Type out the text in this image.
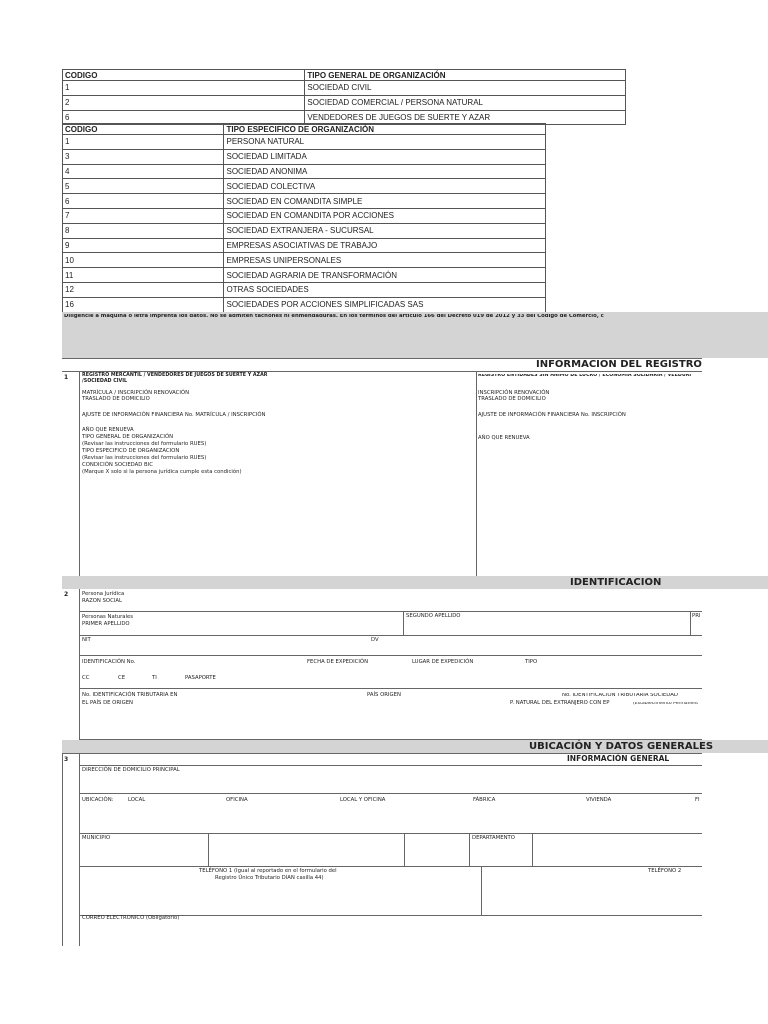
CODIGO	TIPO GENERAL DE ORGANIZACIÓN
1	SOCIEDAD CIVIL
2	SOCIEDAD COMERCIAL / PERSONA NATURAL
6	VENDEDORES DE JUEGOS DE SUERTE Y AZAR
CODIGO	TIPO ESPECIFICO DE ORGANIZACIÓN
1	PERSONA NATURAL
3	SOCIEDAD LIMITADA
4	SOCIEDAD ANONIMA
5	SOCIEDAD COLECTIVA
6	SOCIEDAD EN COMANDITA SIMPLE
7	SOCIEDAD EN COMANDITA POR ACCIONES
8	SOCIEDAD EXTRANJERA - SUCURSAL
9	EMPRESAS ASOCIATIVAS DE TRABAJO
10	EMPRESAS UNIPERSONALES
11	SOCIEDAD AGRARIA DE TRANSFORMACIÓN
12	OTRAS SOCIEDADES
16	SOCIEDADES POR ACCIONES SIMPLIFICADAS SAS
Diligencie a máquina o letra imprenta los datos. No se admiten tachones ni enmendaduras. En los terminos del articulo 166 del Decreto 019 de 2012 y 33 del Codigo de Comercio, c
INFORMACION DEL REGISTRO
1	REGISTRO MERCANTIL / VENDEDORES DE JUEGOS DE SUERTE Y AZAR
/SOCIEDAD CIVIL
MATRÍCULA / INSCRIPCIÓN RENOVACIÓN
TRASLADO DE DOMICILIO
AJUSTE DE INFORMACIÓN FINANCIERA No. MATRÍCULA / INSCRIPCIÓN
AÑO QUE RENUEVA
TIPO GENERAL DE ORGANIZACIÓN
(Revisar las instrucciones del formulario RUES)
TIPO ESPECIFICO DE ORGANIZACION
(Revisar las instrucciones del formulario RUES)
CONDICIÓN SOCIEDAD BIC
(Marque X solo si la persona jurídica cumple esta condición)
REGISTRO ENTIDADES SIN ÁNIMO DE LUCRO / ECONOMÍA SOLIDARIA / VEEDURÍ
INSCRIPCIÓN RENOVACIÓN
TRASLADO DE DOMICILIO
AJUSTE DE INFORMACIÓN FINANCIERA No. INSCRIPCIÓN
AÑO QUE RENUEVA
IDENTIFICACION
2	Persona Jurídica
RAZON SOCIAL
Personas Naturales
PRIMER APELLIDO
SEGUNDO APELLIDO	PRI
NIT	DV
IDENTIFICACIÓN No.	FECHA DE EXPEDICIÓN	LUGAR DE EXPEDICIÓN	TIPO
CC	CE	TI	PASAPORTE
No. IDENTIFICACIÓN TRIBUTARIA EN
EL PAÍS DE ORIGEN
PAÍS ORIGEN	No. IDENTIFICACIÓN TRIBUTARIA SOCIEDAD
P. NATURAL DEL EXTRANJERO CON EP	(Establecimiento Permanent
UBICACIÓN Y DATOS GENERALES
INFORMACIÓN GENERAL
3
DIRECCIÓN DE DOMICILIO PRINCIPAL
UBICACIÓN:	LOCAL	OFICINA	LOCAL Y OFICINA	FÁBRICA	VIVIENDA	FI
MUNICIPIO	DEPARTAMENTO
TELÉFONO 1 (Igual al reportado en el formulario del
Registro Único Tributario DIAN casilla 44)
TELÉFONO 2
CORREO ELECTRONICO (Obligatorio)
